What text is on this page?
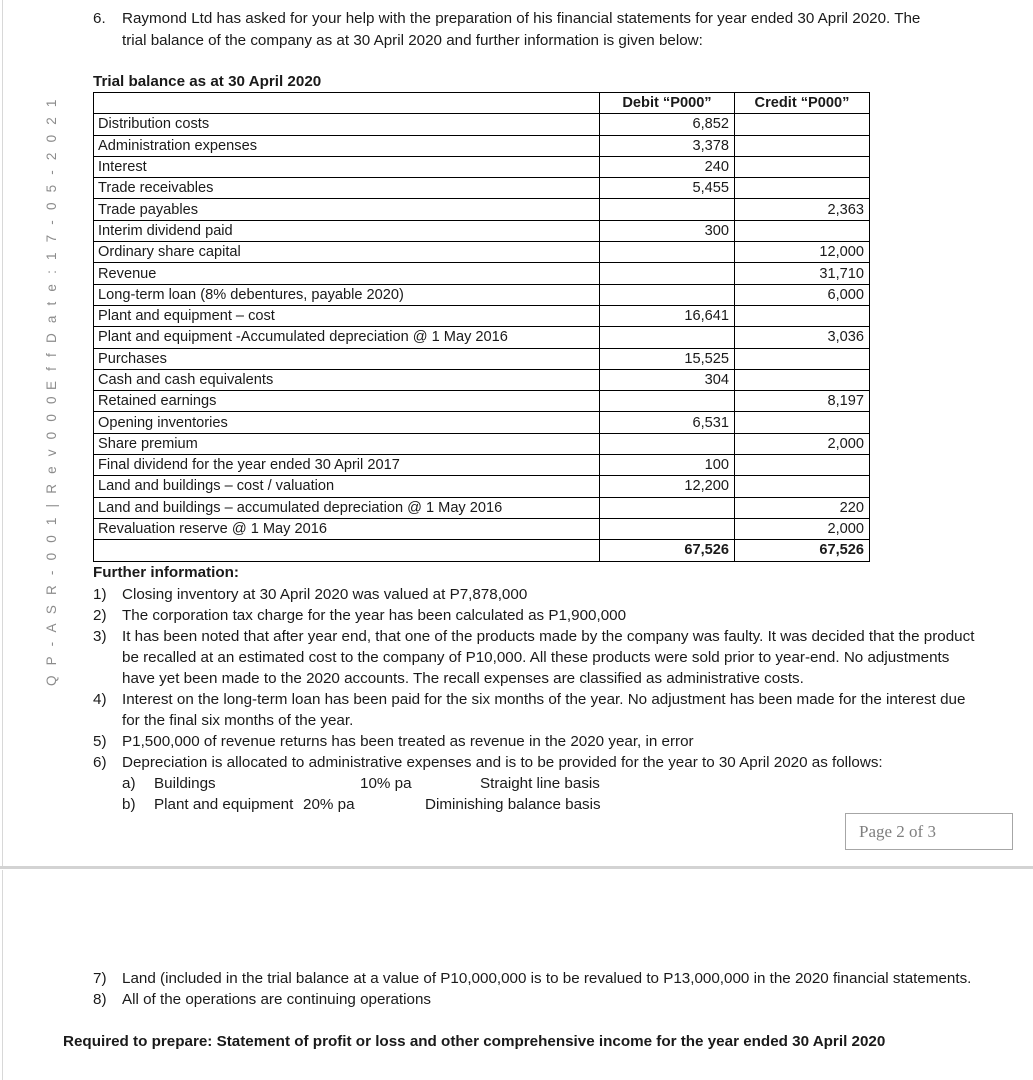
E f f D a t e : 1 7 - 0 5 - 2 0 2 1
Q P - A S R - 0 0 1 | R e v 0 0 0
6.	Raymond Ltd has asked for your help with the preparation of his financial statements for year ended 30 April 2020. The
trial balance of the company as at 30 April 2020 and further information is given below:
Trial balance as at 30 April 2020
	Debit “P000”	Credit “P000”
Distribution costs	6,852	
Administration expenses	3,378	
Interest	240	
Trade receivables	5,455	
Trade payables		2,363
Interim dividend paid	300	
Ordinary share capital		12,000
Revenue		31,710
Long-term loan (8% debentures, payable 2020)		6,000
Plant and equipment – cost	16,641	
Plant and equipment -Accumulated depreciation @ 1 May 2016		3,036
Purchases	15,525	
Cash and cash equivalents	304	
Retained earnings		8,197
Opening inventories	6,531	
Share premium		2,000
Final dividend for the year ended 30 April 2017	100	
Land and buildings – cost / valuation	12,200	
Land and buildings – accumulated depreciation @ 1 May 2016		220
Revaluation reserve @ 1 May 2016		2,000
	67,526	67,526
Further information:
1)	Closing inventory at 30 April 2020 was valued at P7,878,000
2)	The corporation tax charge for the year has been calculated as P1,900,000
3)	It has been noted that after year end, that one of the products made by the company was faulty. It was decided that the product be recalled at an estimated cost to the company of P10,000. All these products were sold prior to year-end. No adjustments have yet been made to the 2020 accounts. The recall expenses are classified as administrative costs.
4)	Interest on the long-term loan has been paid for the six months of the year. No adjustment has been made for the interest due for the final six months of the year.
5)	P1,500,000 of revenue returns has been treated as revenue in the 2020 year, in error
6)	Depreciation is allocated to administrative expenses and is to be provided for the year to 30 April 2020 as follows:
a)	Buildings	10% pa	Straight line basis
b)	Plant and equipment 20% pa	Diminishing balance basis
Page 2 of 3
7)	Land (included in the trial balance at a value of P10,000,000 is to be revalued to P13,000,000 in the 2020 financial statements.
8)	All of the operations are continuing operations
Required to prepare: Statement of profit or loss and other comprehensive income for the year ended 30 April 2020
